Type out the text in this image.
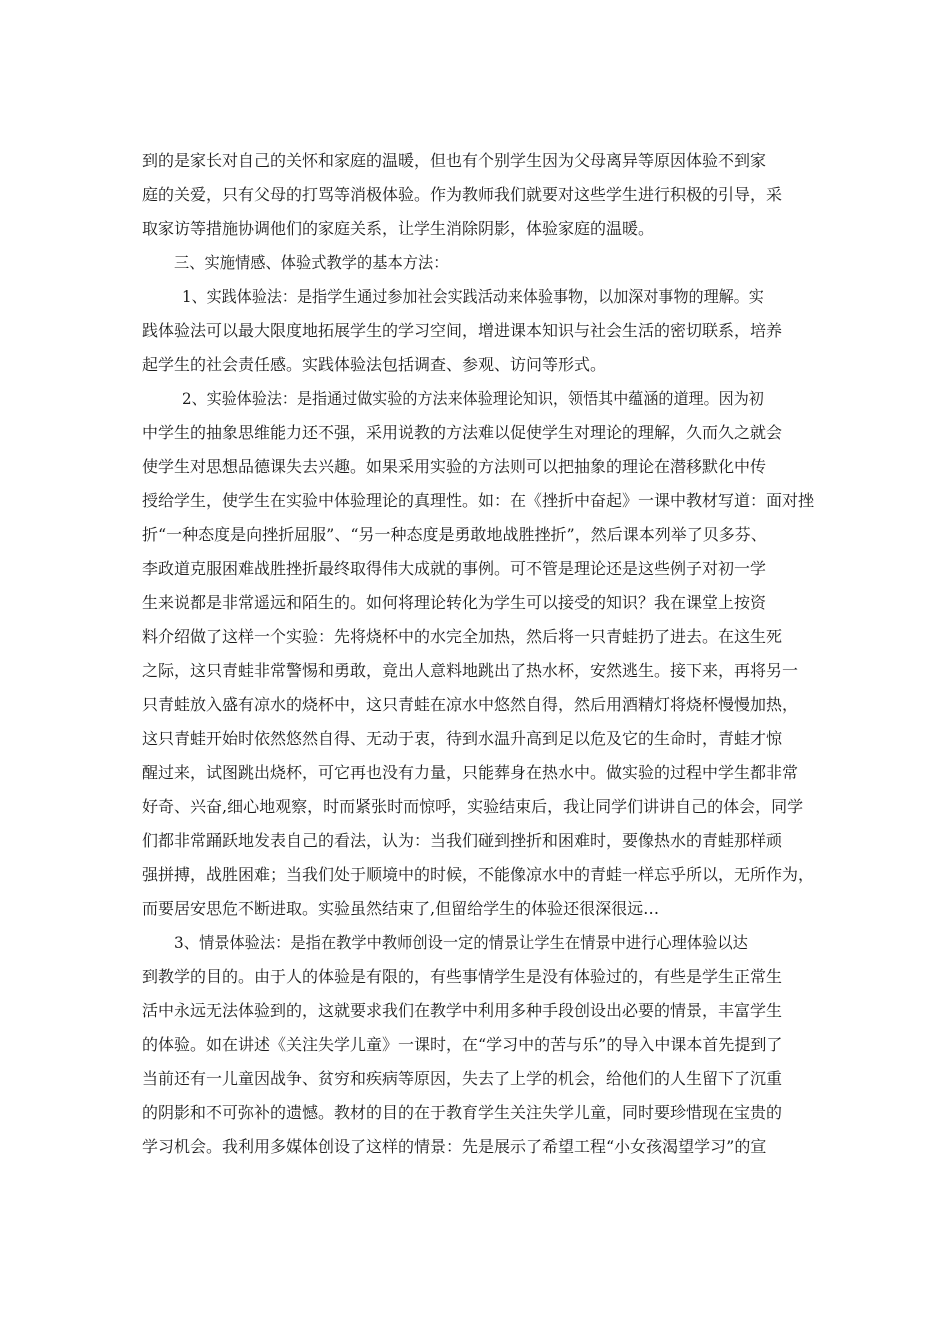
到的是家长对自己的关怀和家庭的温暖，但也有个别学生因为父母离异等原因体验不到家
庭的关爱，只有父母的打骂等消极体验。作为教师我们就要对这些学生进行积极的引导，采
取家访等措施协调他们的家庭关系，让学生消除阴影，体验家庭的温暖。
三、实施情感、体验式教学的基本方法：
1、实践体验法：是指学生通过参加社会实践活动来体验事物，以加深对事物的理解。实
践体验法可以最大限度地拓展学生的学习空间，增进课本知识与社会生活的密切联系，培养
起学生的社会责任感。实践体验法包括调查、参观、访问等形式。
2、实验体验法：是指通过做实验的方法来体验理论知识，领悟其中蕴涵的道理。因为初
中学生的抽象思维能力还不强，采用说教的方法难以促使学生对理论的理解，久而久之就会
使学生对思想品德课失去兴趣。如果采用实验的方法则可以把抽象的理论在潜移默化中传
授给学生，使学生在实验中体验理论的真理性。如：在《挫折中奋起》一课中教材写道：面对挫
折“一种态度是向挫折屈服”、“另一种态度是勇敢地战胜挫折”，然后课本列举了贝多芬、
李政道克服困难战胜挫折最终取得伟大成就的事例。可不管是理论还是这些例子对初一学
生来说都是非常遥远和陌生的。如何将理论转化为学生可以接受的知识？我在课堂上按资
料介绍做了这样一个实验：先将烧杯中的水完全加热，然后将一只青蛙扔了进去。在这生死
之际，这只青蛙非常警惕和勇敢，竟出人意料地跳出了热水杯，安然逃生。接下来，再将另一
只青蛙放入盛有凉水的烧杯中，这只青蛙在凉水中悠然自得，然后用酒精灯将烧杯慢慢加热，
这只青蛙开始时依然悠然自得、无动于衷，待到水温升高到足以危及它的生命时，青蛙才惊
醒过来，试图跳出烧杯，可它再也没有力量，只能葬身在热水中。做实验的过程中学生都非常
好奇、兴奋,细心地观察，时而紧张时而惊呼，实验结束后，我让同学们讲讲自己的体会，同学
们都非常踊跃地发表自己的看法，认为：当我们碰到挫折和困难时，要像热水的青蛙那样顽
强拼搏，战胜困难；当我们处于顺境中的时候，不能像凉水中的青蛙一样忘乎所以，无所作为，
而要居安思危不断进取。实验虽然结束了,但留给学生的体验还很深很远…
3、情景体验法：是指在教学中教师创设一定的情景让学生在情景中进行心理体验以达
到教学的目的。由于人的体验是有限的，有些事情学生是没有体验过的，有些是学生正常生
活中永远无法体验到的，这就要求我们在教学中利用多种手段创设出必要的情景，丰富学生
的体验。如在讲述《关注失学儿童》一课时，在“学习中的苦与乐”的导入中课本首先提到了
当前还有一儿童因战争、贫穷和疾病等原因，失去了上学的机会，给他们的人生留下了沉重
的阴影和不可弥补的遗憾。教材的目的在于教育学生关注失学儿童，同时要珍惜现在宝贵的
学习机会。我利用多媒体创设了这样的情景：先是展示了希望工程“小女孩渴望学习”的宣
